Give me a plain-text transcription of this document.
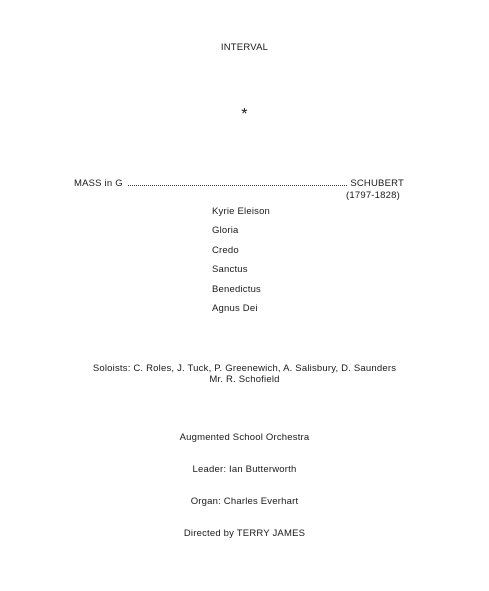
INTERVAL
*
MASS in G	SCHUBERT
(1797-1828)
Kyrie Eleison
Gloria
Credo
Sanctus
Benedictus
Agnus Dei
Soloists: C. Roles, J. Tuck, P. Greenewich, A. Salisbury, D. Saunders
Mr. R. Schofield
Augmented School Orchestra
Leader: Ian Butterworth
Organ: Charles Everhart
Directed by TERRY JAMES
